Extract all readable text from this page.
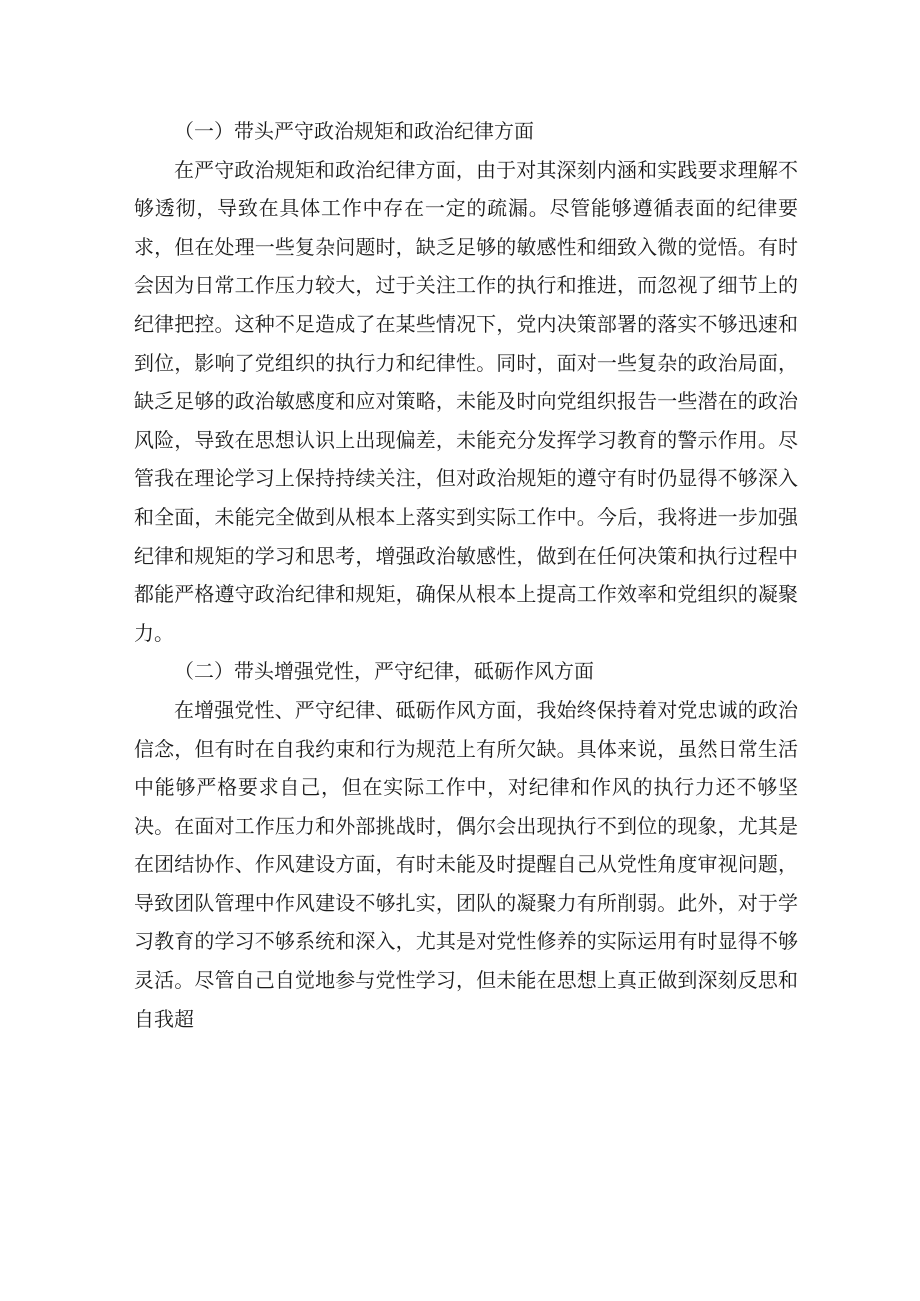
（一）带头严守政治规矩和政治纪律方面

在严守政治规矩和政治纪律方面，由于对其深刻内涵和实践要求理解不够透彻，导致在具体工作中存在一定的疏漏。尽管能够遵循表面的纪律要求，但在处理一些复杂问题时，缺乏足够的敏感性和细致入微的觉悟。有时会因为日常工作压力较大，过于关注工作的执行和推进，而忽视了细节上的纪律把控。这种不足造成了在某些情况下，党内决策部署的落实不够迅速和到位，影响了党组织的执行力和纪律性。同时，面对一些复杂的政治局面，缺乏足够的政治敏感度和应对策略，未能及时向党组织报告一些潜在的政治风险，导致在思想认识上出现偏差，未能充分发挥学习教育的警示作用。尽管我在理论学习上保持持续关注，但对政治规矩的遵守有时仍显得不够深入和全面，未能完全做到从根本上落实到实际工作中。今后，我将进一步加强纪律和规矩的学习和思考，增强政治敏感性，做到在任何决策和执行过程中都能严格遵守政治纪律和规矩，确保从根本上提高工作效率和党组织的凝聚力。

（二）带头增强党性，严守纪律，砥砺作风方面

在增强党性、严守纪律、砥砺作风方面，我始终保持着对党忠诚的政治信念，但有时在自我约束和行为规范上有所欠缺。具体来说，虽然日常生活中能够严格要求自己，但在实际工作中，对纪律和作风的执行力还不够坚决。在面对工作压力和外部挑战时，偶尔会出现执行不到位的现象，尤其是在团结协作、作风建设方面，有时未能及时提醒自己从党性角度审视问题，导致团队管理中作风建设不够扎实，团队的凝聚力有所削弱。此外，对于学习教育的学习不够系统和深入，尤其是对党性修养的实际运用有时显得不够灵活。尽管自己自觉地参与党性学习，但未能在思想上真正做到深刻反思和自我超
